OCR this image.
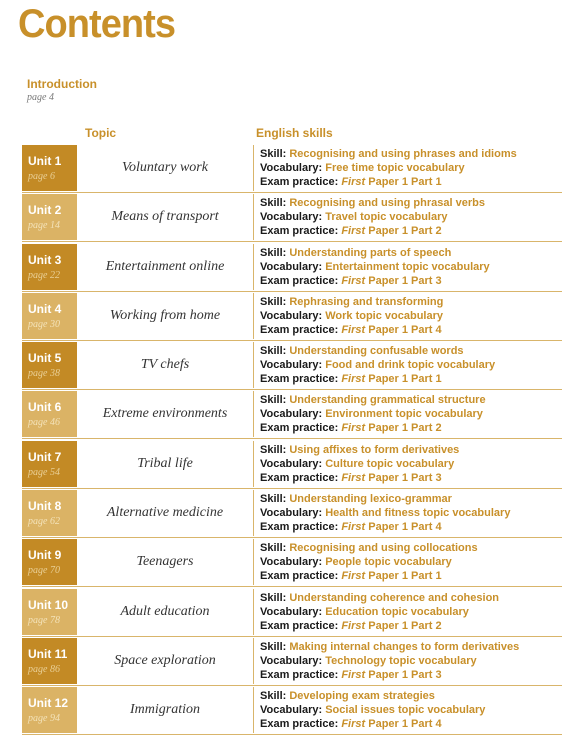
Contents
Introduction
page 4
Topic	English skills
Unit 1
page 6
Voluntary work
Skill: Recognising and using phrases and idioms
Vocabulary: Free time topic vocabulary
Exam practice: First Paper 1 Part 1
Unit 2
page 14
Means of transport
Skill: Recognising and using phrasal verbs
Vocabulary: Travel topic vocabulary
Exam practice: First Paper 1 Part 2
Unit 3
page 22
Entertainment online
Skill: Understanding parts of speech
Vocabulary: Entertainment topic vocabulary
Exam practice: First Paper 1 Part 3
Unit 4
page 30
Working from home
Skill: Rephrasing and transforming
Vocabulary: Work topic vocabulary
Exam practice: First Paper 1 Part 4
Unit 5
page 38
TV chefs
Skill: Understanding confusable words
Vocabulary: Food and drink topic vocabulary
Exam practice: First Paper 1 Part 1
Unit 6
page 46
Extreme environments
Skill: Understanding grammatical structure
Vocabulary: Environment topic vocabulary
Exam practice: First Paper 1 Part 2
Unit 7
page 54
Tribal life
Skill: Using affixes to form derivatives
Vocabulary: Culture topic vocabulary
Exam practice: First Paper 1 Part 3
Unit 8
page 62
Alternative medicine
Skill: Understanding lexico-grammar
Vocabulary: Health and fitness topic vocabulary
Exam practice: First Paper 1 Part 4
Unit 9
page 70
Teenagers
Skill: Recognising and using collocations
Vocabulary: People topic vocabulary
Exam practice: First Paper 1 Part 1
Unit 10
page 78
Adult education
Skill: Understanding coherence and cohesion
Vocabulary: Education topic vocabulary
Exam practice: First Paper 1 Part 2
Unit 11
page 86
Space exploration
Skill: Making internal changes to form derivatives
Vocabulary: Technology topic vocabulary
Exam practice: First Paper 1 Part 3
Unit 12
page 94
Immigration
Skill: Developing exam strategies
Vocabulary: Social issues topic vocabulary
Exam practice: First Paper 1 Part 4
